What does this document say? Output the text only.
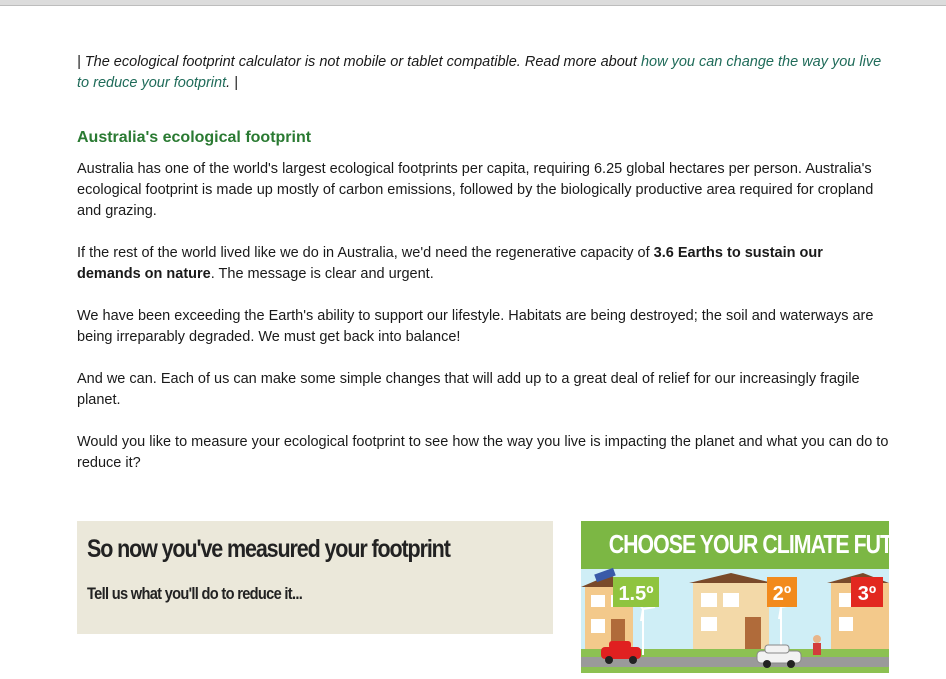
| The ecological footprint calculator is not mobile or tablet compatible. Read more about how you can change the way you live to reduce your footprint. |

Australia's ecological footprint

Australia has one of the world's largest ecological footprints per capita, requiring 6.25 global hectares per person. Australia's ecological footprint is made up mostly of carbon emissions, followed by the biologically productive area required for cropland and grazing.

If the rest of the world lived like we do in Australia, we'd need the regenerative capacity of 3.6 Earths to sustain our demands on nature. The message is clear and urgent.

We have been exceeding the Earth's ability to support our lifestyle. Habitats are being destroyed; the soil and waterways are being irreparably degraded. We must get back into balance!

And we can. Each of us can make some simple changes that will add up to a great deal of relief for our increasingly fragile planet.

Would you like to measure your ecological footprint to see how the way you live is impacting the planet and what you can do to reduce it?

So now you've measured your footprint
Tell us what you'll do to reduce it...
CHOOSE YOUR CLIMATE FUTURE
1.5º	2º	3º
